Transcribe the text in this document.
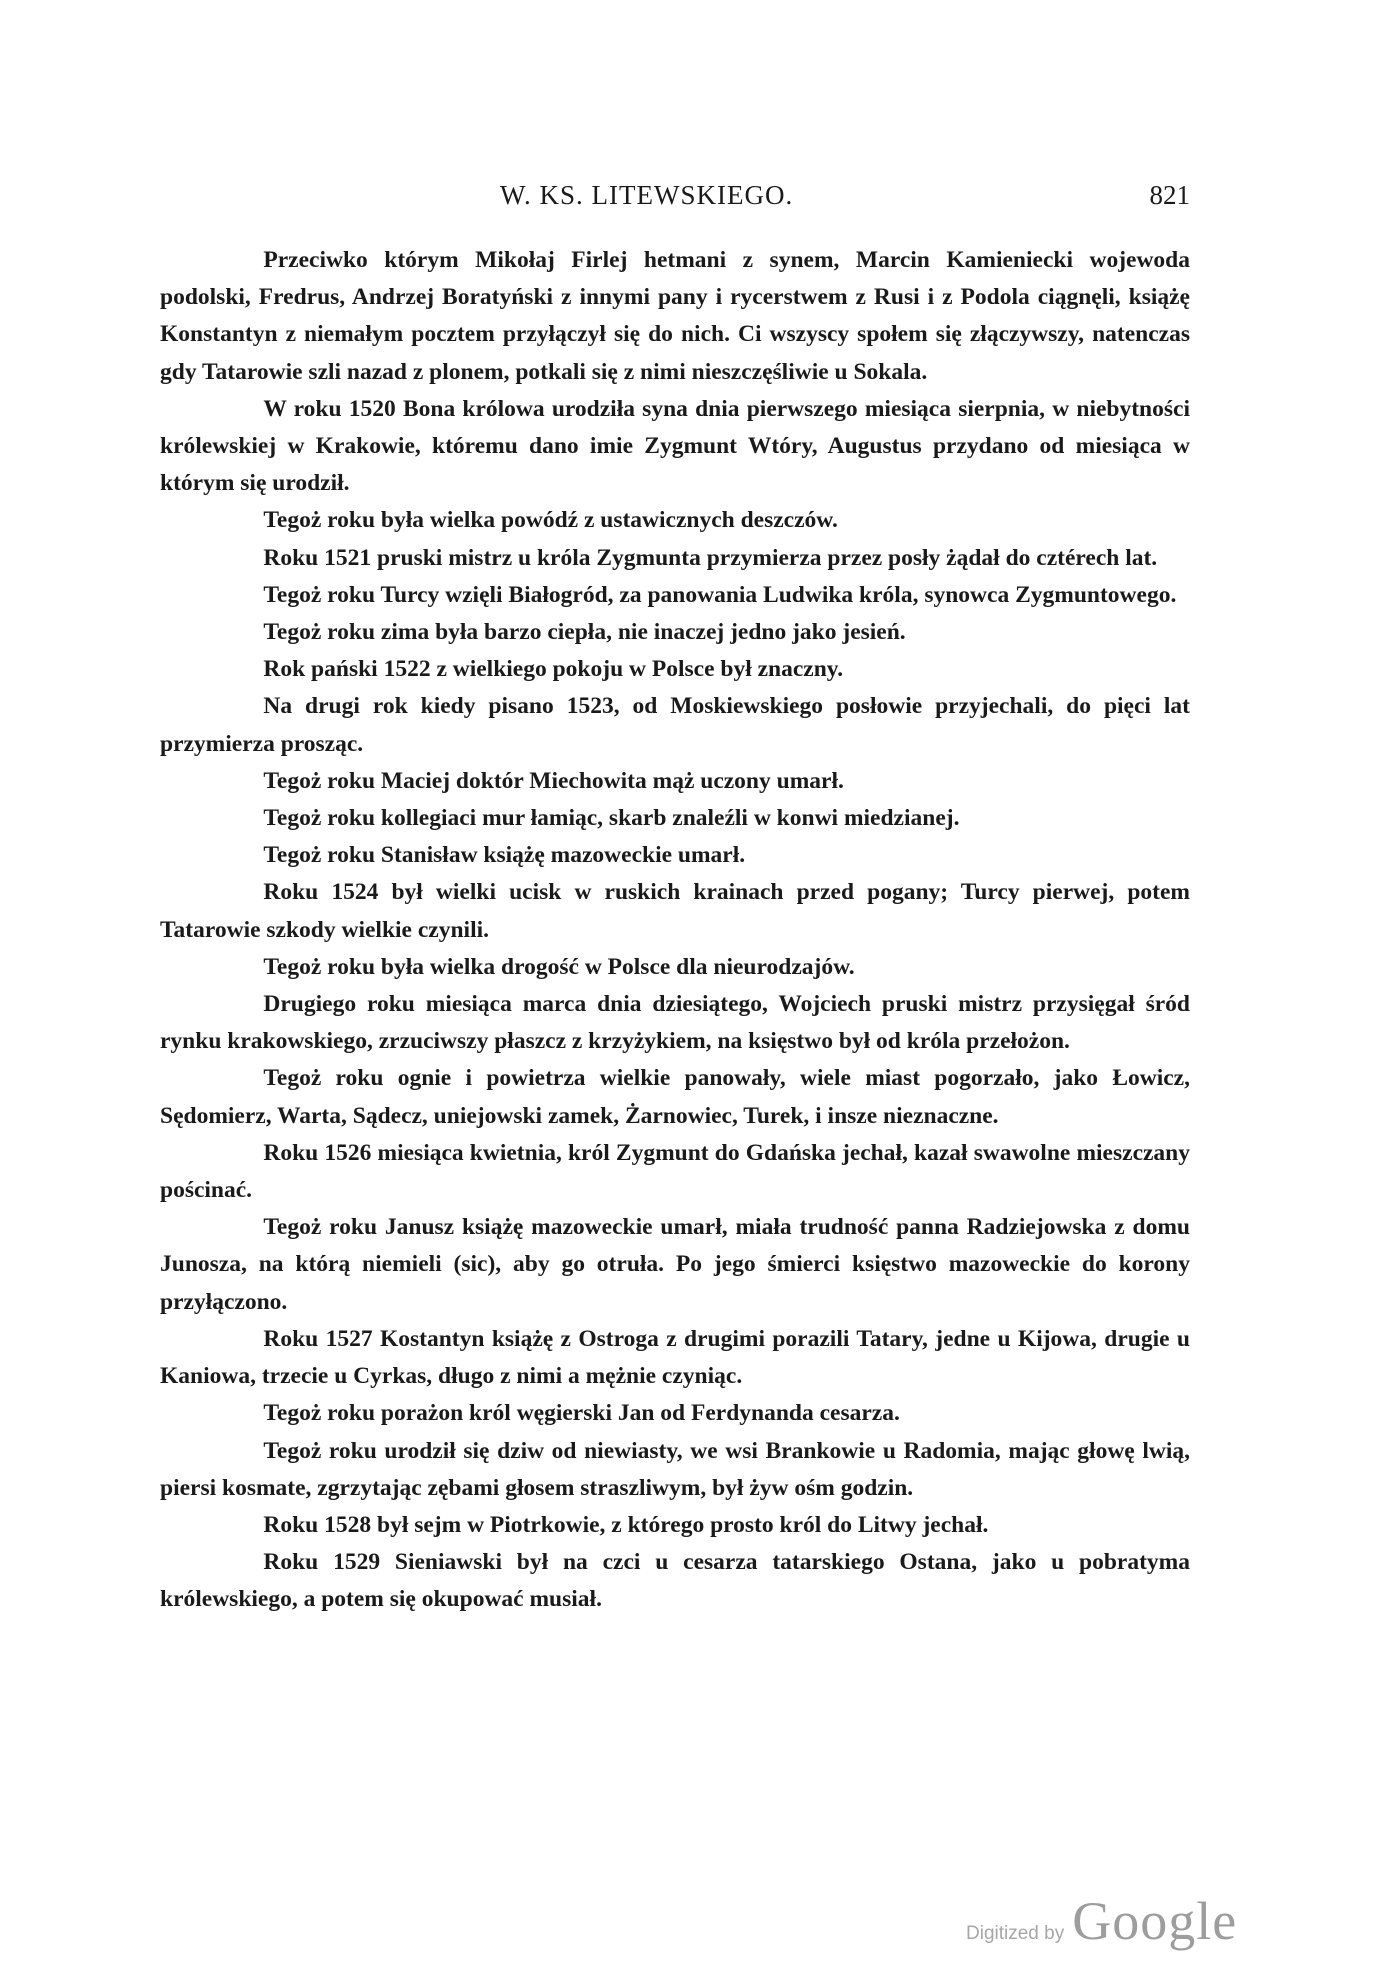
W. KS. LITEWSKIEGO.	821

Przeciwko którym Mikołaj Firlej hetmani z synem, Marcin Kamieniecki wojewoda podolski, Fredrus, Andrzej Boratyński z innymi pany i rycerstwem z Rusi i z Podola ciągnęli, książę Konstantyn z niemałym pocztem przyłączył się do nich. Ci wszyscy społem się złączywszy, natenczas gdy Tatarowie szli nazad z plonem, potkali się z nimi nieszczęśliwie u Sokala.

W roku 1520 Bona królowa urodziła syna dnia pierwszego miesiąca sierpnia, w niebytności królewskiej w Krakowie, któremu dano imie Zygmunt Wtóry, Augustus przydano od miesiąca w którym się urodził.

Tegoż roku była wielka powódź z ustawicznych deszczów.

Roku 1521 pruski mistrz u króla Zygmunta przymierza przez posły żądał do cztérech lat.

Tegoż roku Turcy wzięli Białogród, za panowania Ludwika króla, synowca Zygmuntowego.

Tegoż roku zima była barzo ciepła, nie inaczej jedno jako jesień.

Rok pański 1522 z wielkiego pokoju w Polsce był znaczny.

Na drugi rok kiedy pisano 1523, od Moskiewskiego posłowie przyjechali, do pięci lat przymierza prosząc.

Tegoż roku Maciej doktór Miechowita mąż uczony umarł.

Tegoż roku kollegiaci mur łamiąc, skarb znaleźli w konwi miedzianej.

Tegoż roku Stanisław książę mazoweckie umarł.

Roku 1524 był wielki ucisk w ruskich krainach przed pogany; Turcy pierwej, potem Tatarowie szkody wielkie czynili.

Tegoż roku była wielka drogość w Polsce dla nieurodzajów.

Drugiego roku miesiąca marca dnia dziesiątego, Wojciech pruski mistrz przysięgał śród rynku krakowskiego, zrzuciwszy płaszcz z krzyżykiem, na księstwo był od króla przełożon.

Tegoż roku ognie i powietrza wielkie panowały, wiele miast pogorzało, jako Łowicz, Sędomierz, Warta, Sądecz, uniejowski zamek, Żarnowiec, Turek, i insze nieznaczne.

Roku 1526 miesiąca kwietnia, król Zygmunt do Gdańska jechał, kazał swawolne mieszczany pościnać.

Tegoż roku Janusz książę mazoweckie umarł, miała trudność panna Radziejowska z domu Junosza, na którą niemieli (sic), aby go otruła. Po jego śmierci księstwo mazoweckie do korony przyłączono.

Roku 1527 Kostantyn książę z Ostroga z drugimi porazili Tatary, jedne u Kijowa, drugie u Kaniowa, trzecie u Cyrkas, długo z nimi a mężnie czyniąc.

Tegoż roku porażon król węgierski Jan od Ferdynanda cesarza.

Tegoż roku urodził się dziw od niewiasty, we wsi Brankowie u Radomia, mając głowę lwią, piersi kosmate, zgrzytając zębami głosem straszliwym, był żyw ośm godzin.

Roku 1528 był sejm w Piotrkowie, z którego prosto król do Litwy jechał.

Roku 1529 Sieniawski był na czci u cesarza tatarskiego Ostana, jako u pobratyma królewskiego, a potem się okupować musiał.

Digitized by Google
